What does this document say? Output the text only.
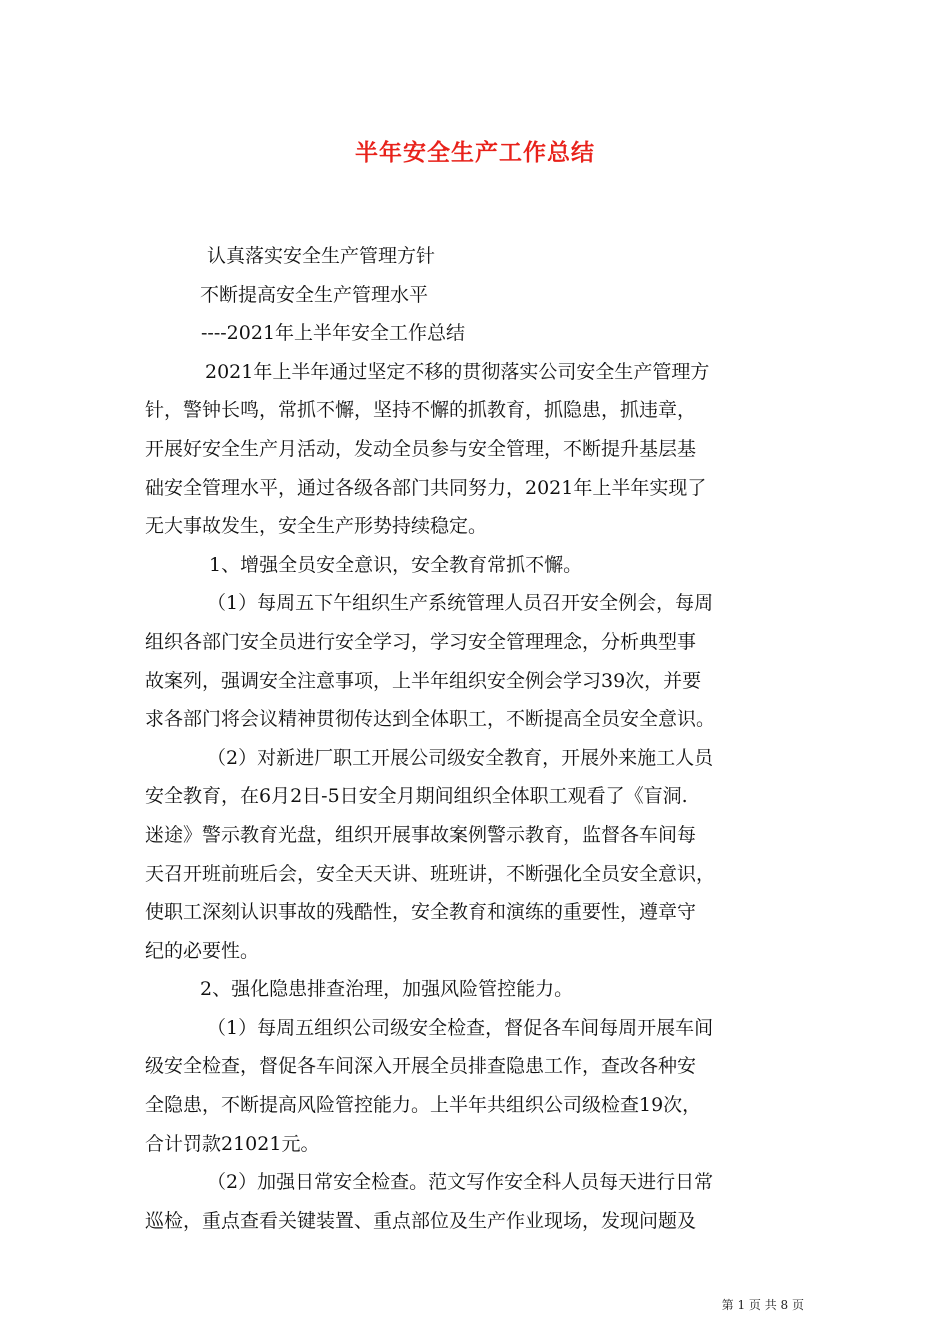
半年安全生产工作总结
认真落实安全生产管理方针
不断提高安全生产管理水平
----2021年上半年安全工作总结
2021年上半年通过坚定不移的贯彻落实公司安全生产管理方
针，警钟长鸣，常抓不懈，坚持不懈的抓教育，抓隐患，抓违章，
开展好安全生产月活动，发动全员参与安全管理，不断提升基层基
础安全管理水平，通过各级各部门共同努力，2021年上半年实现了
无大事故发生，安全生产形势持续稳定。
1、增强全员安全意识，安全教育常抓不懈。
（1）每周五下午组织生产系统管理人员召开安全例会，每周
组织各部门安全员进行安全学习，学习安全管理理念，分析典型事
故案列，强调安全注意事项，上半年组织安全例会学习39次，并要
求各部门将会议精神贯彻传达到全体职工，不断提高全员安全意识。
（2）对新进厂职工开展公司级安全教育，开展外来施工人员
安全教育，在6月2日-5日安全月期间组织全体职工观看了《盲洞.
迷途》警示教育光盘，组织开展事故案例警示教育，监督各车间每
天召开班前班后会，安全天天讲、班班讲，不断强化全员安全意识，
使职工深刻认识事故的残酷性，安全教育和演练的重要性，遵章守
纪的必要性。
2、强化隐患排查治理，加强风险管控能力。
（1）每周五组织公司级安全检查，督促各车间每周开展车间
级安全检查，督促各车间深入开展全员排查隐患工作，查改各种安
全隐患，不断提高风险管控能力。上半年共组织公司级检查19次，
合计罚款21021元。
（2）加强日常安全检查。范文写作安全科人员每天进行日常
巡检，重点查看关键装置、重点部位及生产作业现场，发现问题及
第 1 页 共 8 页
